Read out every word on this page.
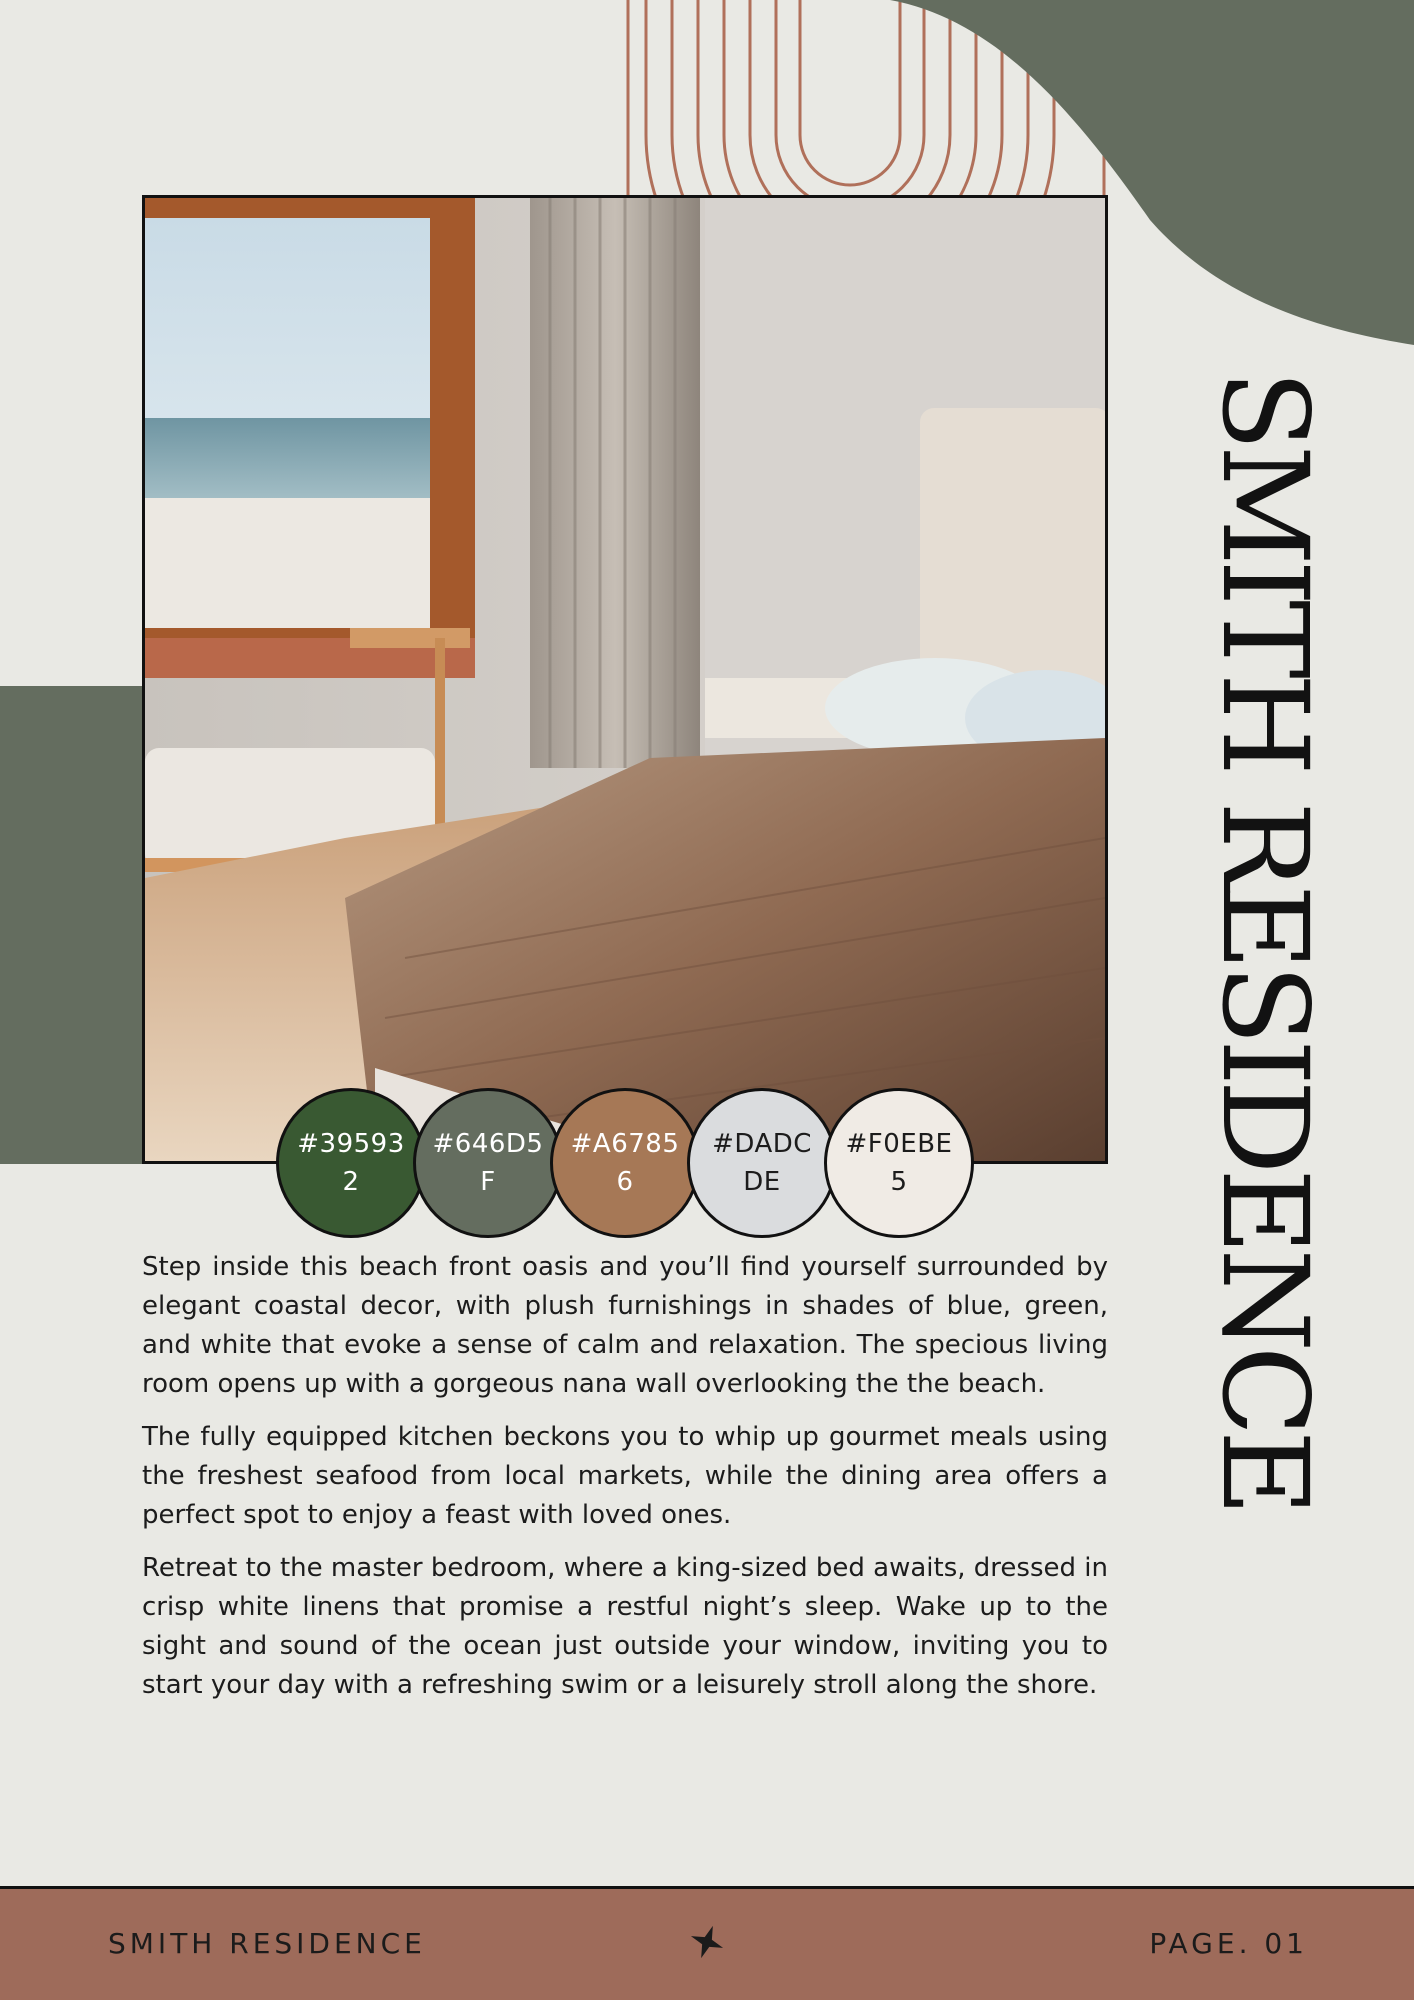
#395932
#646D5F
#A67856
#DADCDE
#F0EBE5

Step inside this beach front oasis and you’ll find yourself surrounded by elegant coastal decor, with plush furnishings in shades of blue, green, and white that evoke a sense of calm and relaxation. The specious living room opens up with a gorgeous nana wall overlooking the the beach.

The fully equipped kitchen beckons you to whip up gourmet meals using the freshest seafood from local markets, while the dining area offers a perfect spot to enjoy a feast with loved ones.

Retreat to the master bedroom, where a king-sized bed awaits, dressed in crisp white linens that promise a restful night’s sleep. Wake up to the sight and sound of the ocean just outside your window, inviting you to start your day with a refreshing swim or a leisurely stroll along the shore.

SMITH RESIDENCE
SMITH RESIDENCE	PAGE. 01
